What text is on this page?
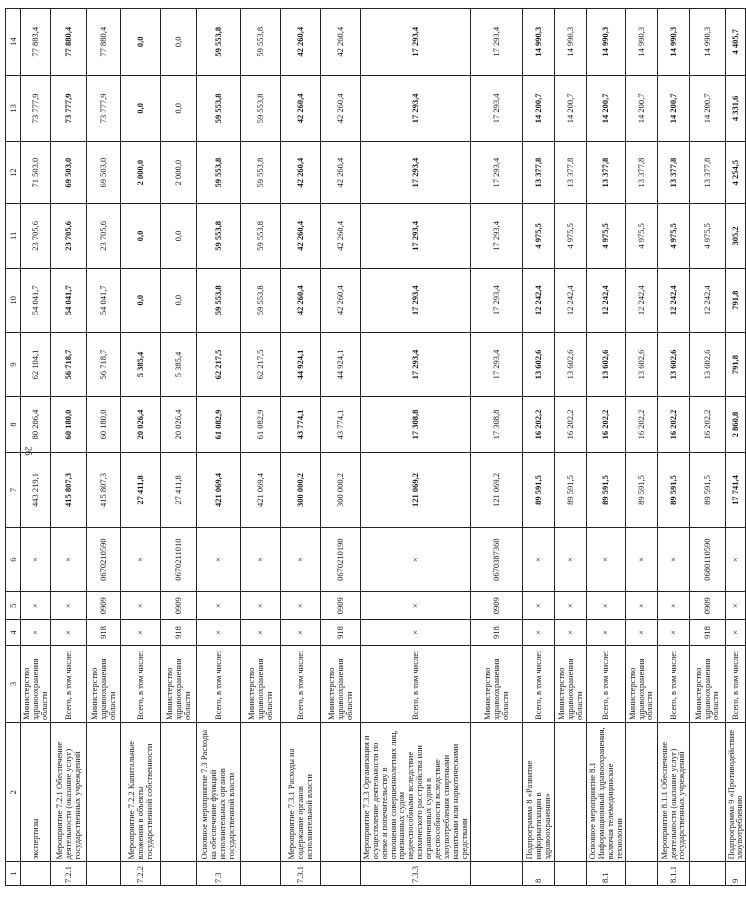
26
1	2	3	4	5	6	7	8	9	10	11	12	13	14
	экспертизы	Министерство здравоохранения области	×	×	×	443 219,1	80 206,4	62 104,1	54 041,7	23 705,6	71 503,0	73 777,9	77 883,4
7.2.1	Мероприятие 7.2.1 Обеспечение деятельности (оказание услуг) государственных учреждений	Всего, в том числе:	×	×	×	415 807,3	60 180,0	56 718,7	54 041,7	23 705,6	69 503,0	73 777,9	77 880,4
		Министерство здравоохранения области	918	0909	0670210590	415 807,3	60 180,0	56 718,7	54 041,7	23 705,6	69 503,0	73 777,9	77 880,4
7.2.2	Мероприятие 7.2.2 Капитальные вложения в объекты государственной собственности	Всего, в том числе:	×	×	×	27 411,8	20 026,4	5 385,4	0,0	0,0	2 000,0	0,0	0,0
		Министерство здравоохранения области	918	0909	0670211010	27 411,8	20 026,4	5 385,4	0,0	0,0	2 000,0	0,0	0,0
7.3	Основное мероприятие 7.3 Расходы на обеспечение функций исполнительных органов государственной власти	Всего, в том числе:	×	×	×	421 069,4	61 082,9	62 217,5	59 553,8	59 553,8	59 553,8	59 553,8	59 553,8
		Министерство здравоохранения области	×	×	×	421 069,4	61 082,9	62 217,5	59 553,8	59 553,8	59 553,8	59 553,8	59 553,8
7.3.1	Мероприятие 7.3.1 Расходы на содержание органов исполнительной власти	Всего, в том числе:	×	×	×	300 000,2	43 774,1	44 924,1	42 260,4	42 260,4	42 260,4	42 260,4	42 260,4
		Министерство здравоохранения области	918	0909	0670210190	300 000,2	43 774,1	44 924,1	42 260,4	42 260,4	42 260,4	42 260,4	42 260,4
7.3.3	Мероприятие 7.3.3 Организация и осуществление деятельности по опеке и попечительству в отношении совершеннолетних лиц, признанных судом недееспособными вследствие психического расстройства или ограниченных судом в дееспособности вследствие злоупотребления спиртными напитками или наркотическими средствами	Всего, в том числе:	×	×	×	121 069,2	17 308,8	17 293,4	17 293,4	17 293,4	17 293,4	17 293,4	17 293,4
		Министерство здравоохранения области	918	0909	0670387360	121 069,2	17 308,8	17 293,4	17 293,4	17 293,4	17 293,4	17 293,4	17 293,4
8	Подпрограмма 8 «Развитие информатизации в здравоохранении»	Всего, в том числе:	×	×	×	89 591,5	16 202,2	13 602,6	12 242,4	4 975,5	13 377,8	14 200,7	14 990,3
		Министерство здравоохранения области	×	×	×	89 591,5	16 202,2	13 602,6	12 242,4	4 975,5	13 377,8	14 200,7	14 990,3
8.1	Основное мероприятие 8.1 Информационный здравоохранения, включая телемедицинские технологии	Всего, в том числе:	×	×	×	89 591,5	16 202,2	13 602,6	12 242,4	4 975,5	13 377,8	14 200,7	14 990,3
		Министерство здравоохранения области	×	×	×	89 591,5	16 202,2	13 602,6	12 242,4	4 975,5	13 377,8	14 200,7	14 990,3
8.1.1	Мероприятие 8.1.1 Обеспечение деятельности (оказание услуг) государственных учреждений	Всего, в том числе:	×	×	×	89 591,5	16 202,2	13 602,6	12 242,4	4 975,5	13 377,8	14 200,7	14 990,3
		Министерство здравоохранения области	918	0909	0680110590	89 591,5	16 202,2	13 602,6	12 242,4	4 975,5	13 377,8	14 200,7	14 990,3
9	Подпрограмма 9 «Противодействие злоупотреблению	Всего, в том числе:	×	×	×	17 741,4	2 860,8	791,8	791,8	305,2	4 254,5	4 331,6	4 405,7
